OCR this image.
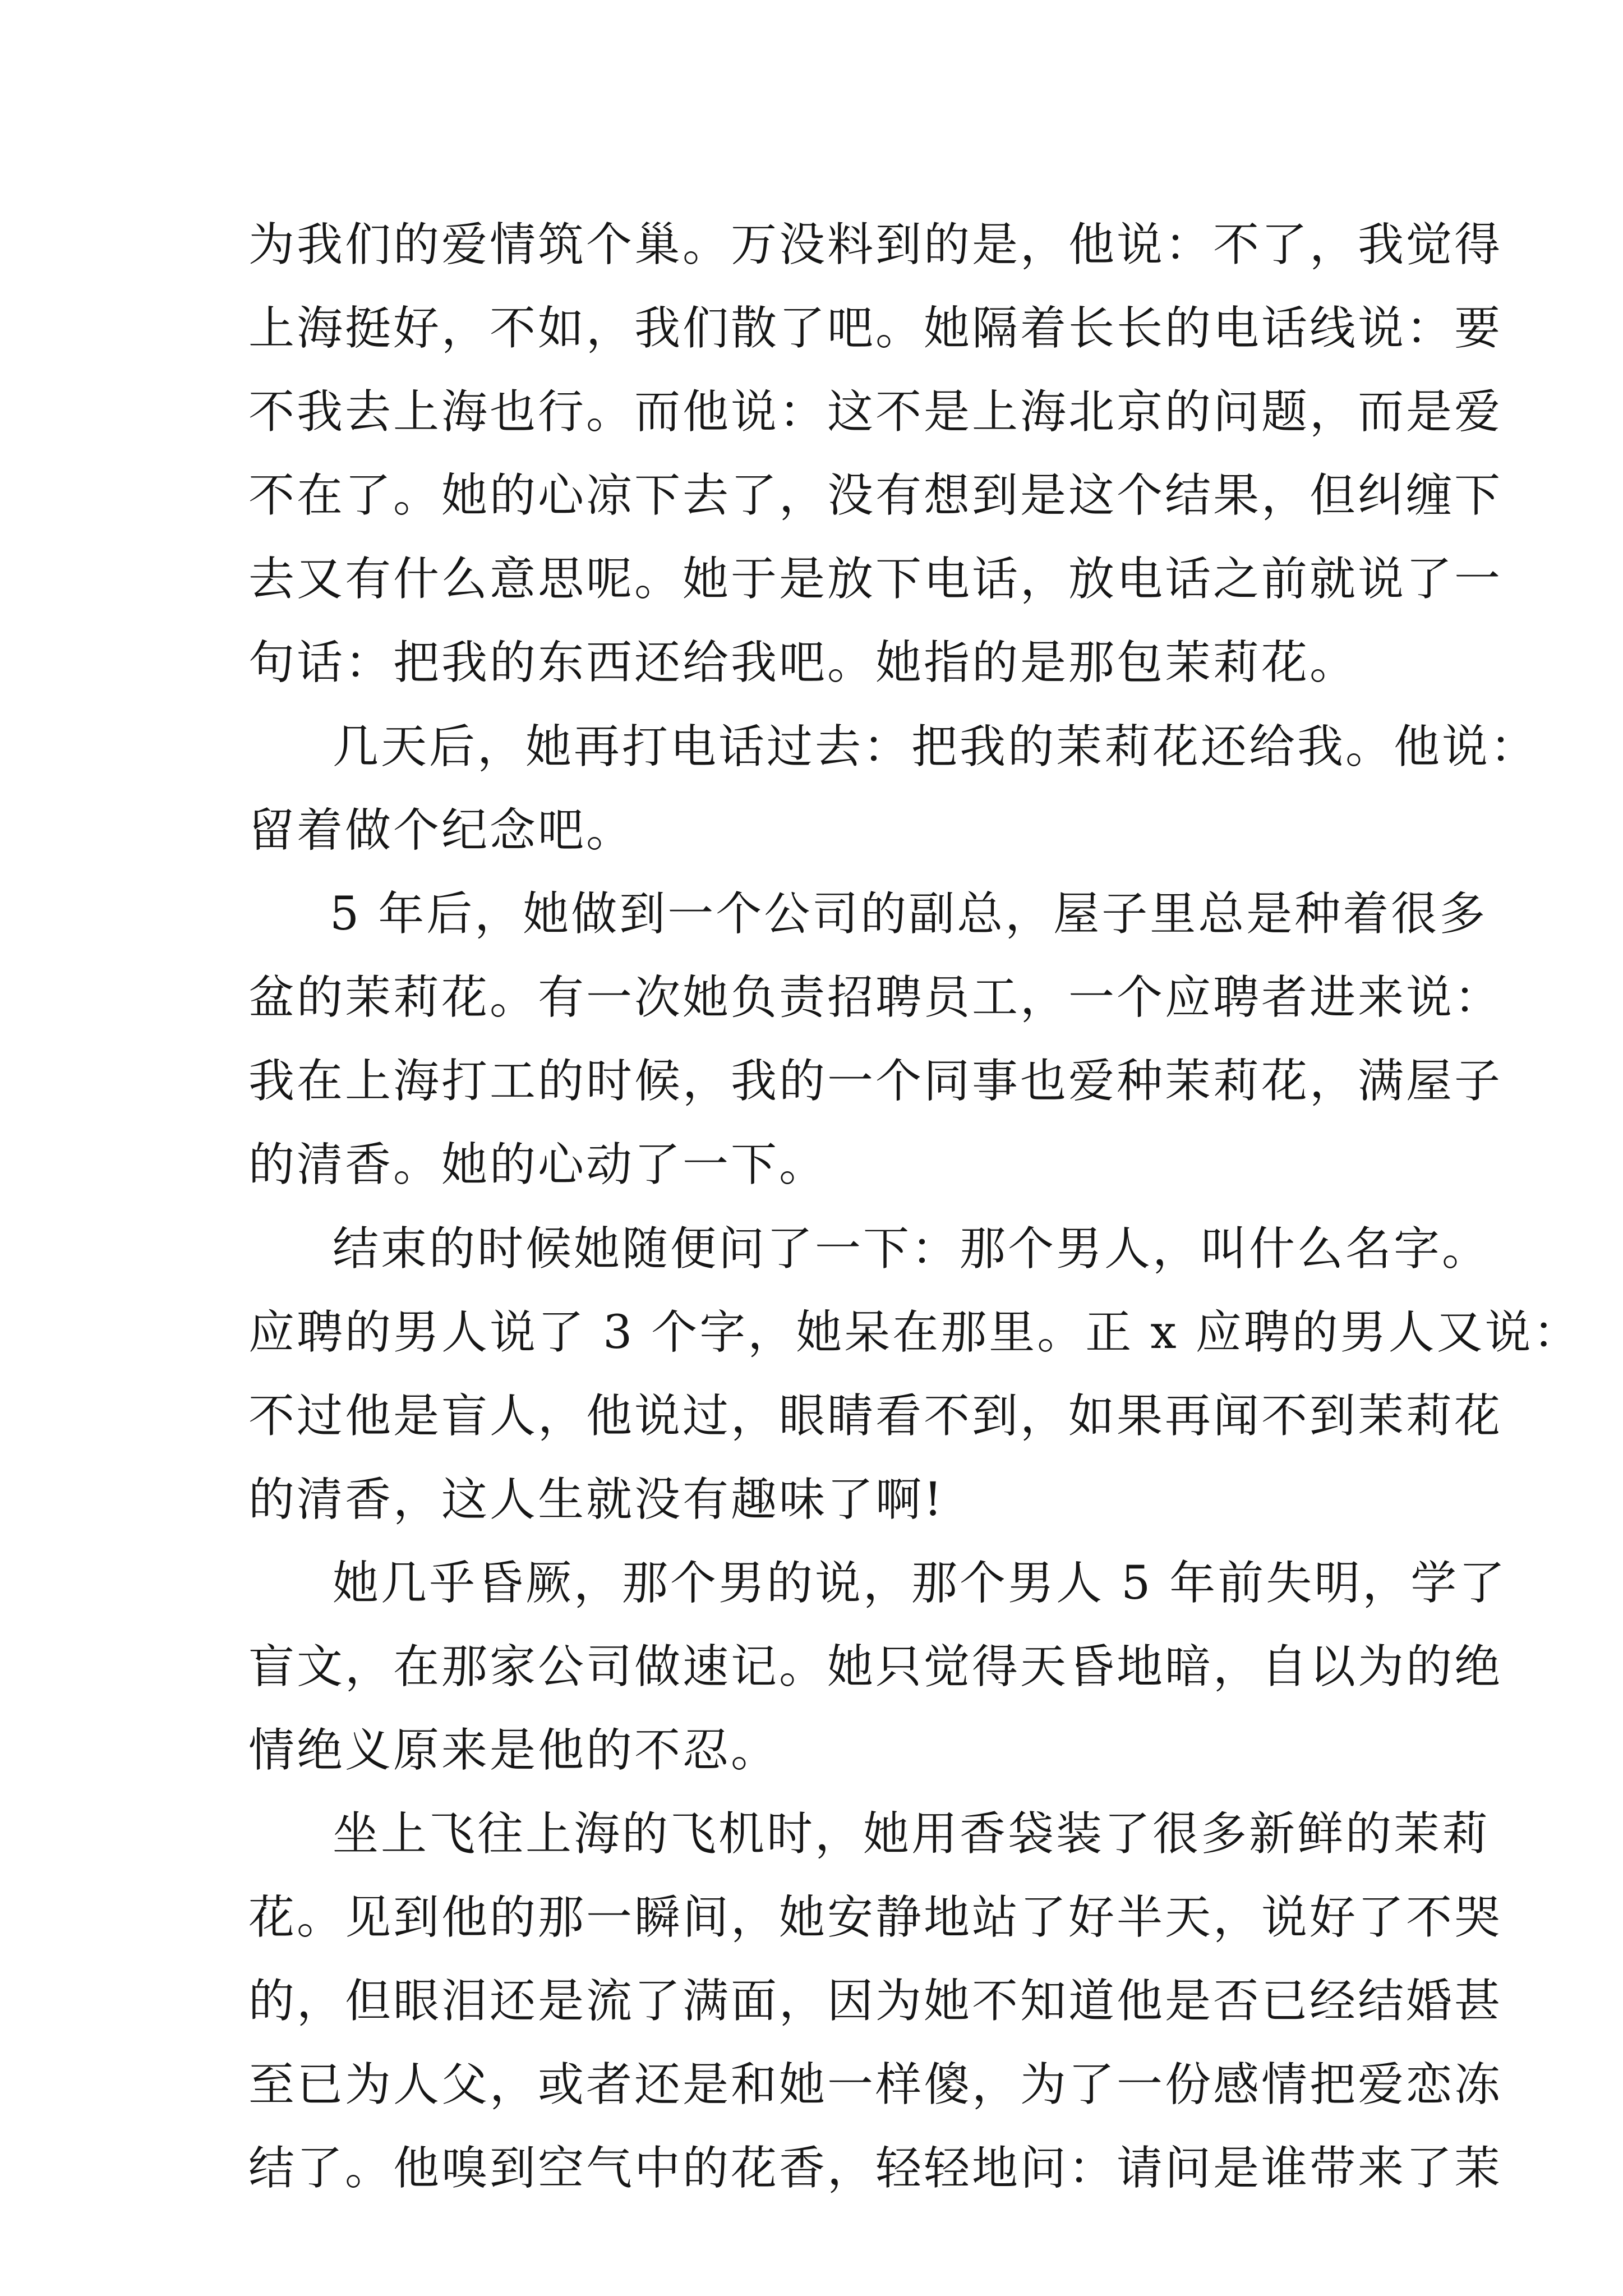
为我们的爱情筑个巢。万没料到的是，他说：不了，我觉得
上海挺好，不如，我们散了吧。她隔着长长的电话线说：要
不我去上海也行。而他说：这不是上海北京的问题，而是爱
不在了。她的心凉下去了，没有想到是这个结果，但纠缠下
去又有什么意思呢。她于是放下电话，放电话之前就说了一
句话：把我的东西还给我吧。她指的是那包茉莉花。
几天后，她再打电话过去：把我的茉莉花还给我。他说：
留着做个纪念吧。
5 年后，她做到一个公司的副总，屋子里总是种着很多
盆的茉莉花。有一次她负责招聘员工，一个应聘者进来说：
我在上海打工的时候，我的一个同事也爱种茉莉花，满屋子
的清香。她的心动了一下。
结束的时候她随便问了一下：那个男人，叫什么名字。
应聘的男人说了 3 个字，她呆在那里。正 x 应聘的男人又说：
不过他是盲人，他说过，眼睛看不到，如果再闻不到茉莉花
的清香，这人生就没有趣味了啊!
她几乎昏厥，那个男的说，那个男人 5 年前失明，学了
盲文，在那家公司做速记。她只觉得天昏地暗，自以为的绝
情绝义原来是他的不忍。
坐上飞往上海的飞机时，她用香袋装了很多新鲜的茉莉
花。见到他的那一瞬间，她安静地站了好半天，说好了不哭
的，但眼泪还是流了满面，因为她不知道他是否已经结婚甚
至已为人父，或者还是和她一样傻，为了一份感情把爱恋冻
结了。他嗅到空气中的花香，轻轻地问：请问是谁带来了茉
